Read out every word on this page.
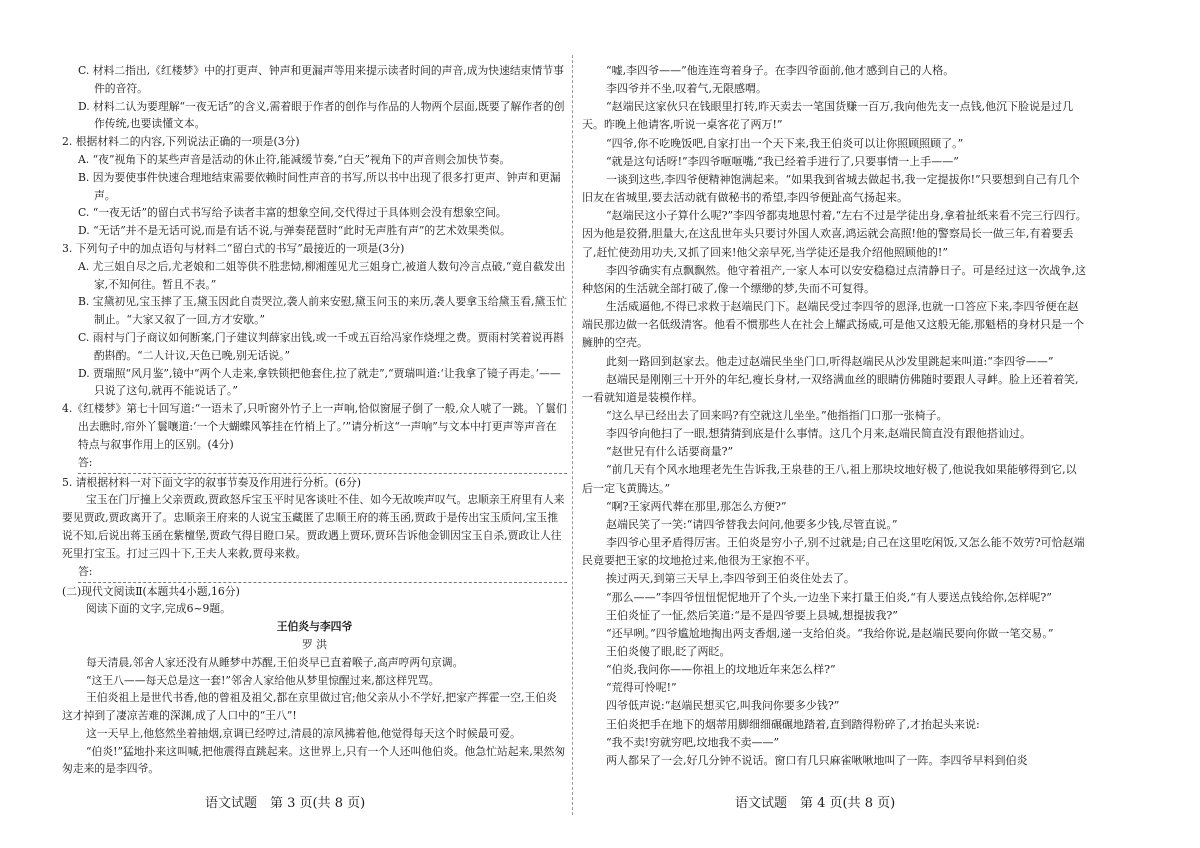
C. 材料二指出,《红楼梦》中的打更声、钟声和更漏声等用来提示读者时间的声音,成为快速结束情节事件的音符。

D. 材料二认为要理解“一夜无话”的含义,需着眼于作者的创作与作品的人物两个层面,既要了解作者的创作传统,也要读懂文本。

2. 根据材料二的内容,下列说法正确的一项是(3分)

A. “夜”视角下的某些声音是活动的休止符,能减缓节奏,“白天”视角下的声音则会加快节奏。

B. 因为要使事件快速合理地结束需要依赖时间性声音的书写,所以书中出现了很多打更声、钟声和更漏声。

C. “一夜无话”的留白式书写给予读者丰富的想象空间,交代得过于具体则会没有想象空间。

D. “无话”并不是无话可说,而是有话不说,与弹奏琵琶时“此时无声胜有声”的艺术效果类似。

3. 下列句子中的加点语句与材料二“留白式的书写”最接近的一项是(3分)

A. 尤三姐自尽之后,尤老娘和二姐等供不胜悲恸,柳湘莲见尤三姐身亡,被道人数句冷言点破,“竟自截发出家,不知何往。暂且不表。”

B. 宝黛初见,宝玉摔了玉,黛玉因此自责哭泣,袭人前来安慰,黛玉问玉的来历,袭人要拿玉给黛玉看,黛玉忙制止。“大家又叙了一回,方才安歇。”

C. 雨村与门子商议如何断案,门子建议判薛家出钱,或一千或五百给冯家作烧埋之费。贾雨村笑着说再斟酌斟酌。“二人计议,天色已晚,别无话说。”

D. 贾瑞照“风月鉴”,镜中“两个人走来,拿铁锁把他套住,拉了就走”,“贾瑞叫道:‘让我拿了镜子再走。’——只说了这句,就再不能说话了。”

4.《红楼梦》第七十回写道:“一语未了,只听窗外竹子上一声响,恰似窗屉子倒了一般,众人唬了一跳。丫鬟们出去瞧时,帘外丫鬟嚷道:‘一个大蝴蝶风筝挂在竹梢上了。’”请分析这“一声响”与文本中打更声等声音在特点与叙事作用上的区别。(4分)

答:

5. 请根据材料一对下面文字的叙事节奏及作用进行分析。(6分)

宝玉在门厅撞上父亲贾政,贾政怒斥宝玉平时见客谈吐不佳、如今无故唉声叹气。忠顺亲王府里有人来要见贾政,贾政离开了。忠顺亲王府来的人说宝玉藏匿了忠顺王府的蒋玉函,贾政于是传出宝玉质问,宝玉推说不知,后说出蒋玉函在紫檀堡,贾政气得目瞪口呆。贾政遇上贾环,贾环告诉他金钏因宝玉自杀,贾政让人往死里打宝玉。打过三四十下,王夫人来救,贾母来救。

答:

(二)现代文阅读Ⅱ(本题共4小题,16分)

阅读下面的文字,完成6~9题。

王伯炎与李四爷

罗 洪

每天清晨,邻舍人家还没有从睡梦中苏醒,王伯炎早已直着喉子,高声哼两句京调。

“这王八——每天总是这一套!”邻舍人家给他从梦里惊醒过来,都这样咒骂。

王伯炎祖上是世代书香,他的曾祖及祖父,都在京里做过官;他父亲从小不学好,把家产挥霍一空,王伯炎这才掉到了凄凉苦难的深渊,成了人口中的“王八”!

这一天早上,他悠然坐着抽烟,京调已经哼过,清晨的凉风拂着他,他觉得每天这个时候最可爱。

“伯炎!”猛地扑来这叫喊,把他震得直跳起来。这世界上,只有一个人还叫他伯炎。他急忙站起来,果然匆匆走来的是李四爷。

“嘘,李四爷——”他连连弯着身子。在李四爷面前,他才感到自己的人格。

李四爷并不坐,叹着气,无限感喟。

“赵端民这家伙只在钱眼里打转,昨天卖去一笔国货赚一百万,我向他先支一点钱,他沉下脸说是过几天。昨晚上他请客,听说一桌客花了两万!”

“四爷,你不吃晚饭吧,自家打出一个天下来,我王伯炎可以让你照顾照顾了。”

“就是这句话呀!”李四爷咂咂嘴,“我已经着手进行了,只要事情一上手——”

一谈到这些,李四爷便精神饱满起来。“如果我到省城去做起书,我一定提拔你!”只要想到自己有几个旧友在省城里,要去活动就有做秘书的希望,李四爷便趾高气扬起来。

“赵端民这小子算什么呢?”李四爷都夷地思忖着,“左右不过是学徒出身,拿着扯纸来看不完三行四行。因为他是狡猾,胆量大,在这乱世年头只要讨外国人欢喜,鸿运就会高照!他的警察局长一做三年,有着要丢了,赶忙使劲用功夫,又抓了回来!他父亲早死,当学徒还是我介绍他照顾他的!”

李四爷确实有点飘飘然。他守着祖产,一家人本可以安安稳稳过点清静日子。可是经过这一次战争,这种悠闲的生活就全部打破了,像一个缥缈的梦,失而不可复得。

生活威逼他,不得已求救于赵端民门下。赵端民受过李四爷的恩泽,也就一口答应下来,李四爷便在赵端民那边做一名低级清客。他看不惯那些人在社会上耀武扬威,可是他又这般无能,那魁梧的身材只是一个臃肿的空壳。

此刻一路回到赵家去。他走过赵端民坐坐门口,听得赵端民从沙发里跳起来叫道:“李四爷——”

赵端民是刚刚三十开外的年纪,瘦长身材,一双络满血丝的眼睛仿佛随时要跟人寻衅。脸上还着着笑,一看就知道是装模作样。

“这么早已经出去了回来吗?有空就这儿坐坐。”他指指门口那一张椅子。

李四爷向他扫了一眼,想猜猜到底是什么事情。这几个月来,赵端民简直没有跟他搭讪过。

“赵世兄有什么话要商量?”

“前几天有个风水地理老先生告诉我,王泉巷的王八,祖上那块坟地好极了,他说我如果能够得到它,以后一定飞黄腾达。”

“啊?王家两代葬在那里,那怎么方便?”

赵端民笑了一笑:“请四爷替我去问问,他要多少钱,尽管直说。”

李四爷心里矛盾得厉害。王伯炎是穷小子,别不过就是;自己在这里吃闲饭,又怎么能不效劳?可恰赵端民竟要把王家的坟地抢过来,他很为王家抱不平。

挨过两天,到第三天早上,李四爷到王伯炎住处去了。

“那么——”李四爷忸忸怩怩地开了个头,一边坐下来打量王伯炎,“有人要送点钱给你,怎样呢?”

王伯炎怔了一怔,然后笑道:“是不是四爷要上县城,想提拔我?”

“还早咧。”四爷尴尬地掏出两支香烟,递一支给伯炎。“我给你说,是赵端民要向你做一笔交易。”

王伯炎傻了眼,眨了两眨。

“伯炎,我问你——你祖上的坟地近年来怎么样?”

“荒得可怜呢!”

四爷低声说:“赵端民想买它,叫我问你要多少钱?”

王伯炎把手在地下的烟蒂用脚细细碾碾地踏着,直到踏得粉碎了,才抬起头来说:

“我不卖!穷就穷吧,坟地我不卖——”

两人都呆了一会,好几分钟不说话。窗口有几只麻雀啾啾地叫了一阵。李四爷早料到伯炎

语文试题　第 3 页(共 8 页)	语文试题　第 4 页(共 8 页)
